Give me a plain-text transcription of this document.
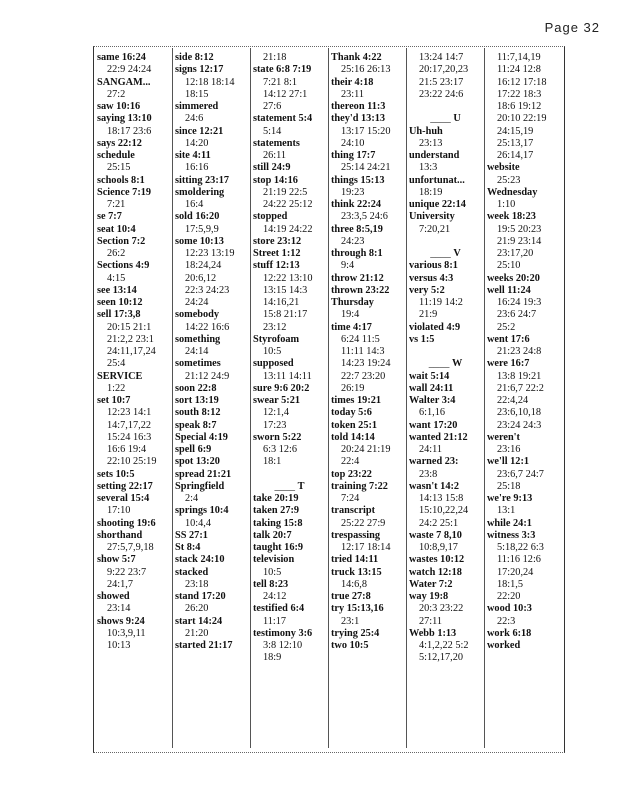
Page 32
same 16:24
22:9 24:24
SANGAM...
27:2
saw 10:16
saying 13:10
18:17 23:6
says 22:12
schedule
25:15
schools 8:1
Science 7:19
7:21
se 7:7
seat 10:4
Section 7:2
26:2
Sections 4:9
4:15
see 13:14
seen 10:12
sell 17:3,8
20:15 21:1
21:2,2 23:1
24:11,17,24
25:4
SERVICE
1:22
set 10:7
12:23 14:1
14:7,17,22
15:24 16:3
16:6 19:4
22:10 25:19
sets 10:5
setting 22:17
several 15:4
17:10
shooting 19:6
shorthand
27:5,7,9,18
show 5:7
9:22 23:7
24:1,7
showed
23:14
shows 9:24
10:3,9,11
10:13
side 8:12
signs 12:17
12:18 18:14
18:15
simmered
24:6
since 12:21
14:20
site 4:11
16:16
sitting 23:17
smoldering
16:4
sold 16:20
17:5,9,9
some 10:13
12:23 13:19
18:24,24
20:6,12
22:3 24:23
24:24
somebody
14:22 16:6
something
24:14
sometimes
21:12 24:9
soon 22:8
sort 13:19
south 8:12
speak 8:7
Special 4:19
spell 6:9
spot 13:20
spread 21:21
Springfield
2:4
springs 10:4
10:4,4
SS 27:1
St 8:4
stack 24:10
stacked
23:18
stand 17:20
26:20
start 14:24
21:20
started 21:17
21:18
state 6:8 7:19
7:21 8:1
14:12 27:1
27:6
statement 5:4
5:14
statements
26:11
still 24:9
stop 14:16
21:19 22:5
24:22 25:12
stopped
14:19 24:22
store 23:12
Street 1:12
stuff 12:13
12:22 13:10
13:15 14:3
14:16,21
15:8 21:17
23:12
Styrofoam
10:5
supposed
13:11 14:11
sure 9:6 20:2
swear 5:21
12:1,4
17:23
sworn 5:22
6:3 12:6
18:1
____ T
take 20:19
taken 27:9
taking 15:8
talk 20:7
taught 16:9
television
10:5
tell 8:23
24:12
testified 6:4
11:17
testimony 3:6
3:8 12:10
18:9
Thank 4:22
25:16 26:13
their 4:18
23:11
thereon 11:3
they'd 13:13
13:17 15:20
24:10
thing 17:7
25:14 24:21
things 15:13
19:23
think 22:24
23:3,5 24:6
three 8:5,19
24:23
through 8:1
9:4
throw 21:12
thrown 23:22
Thursday
19:4
time 4:17
6:24 11:5
11:11 14:3
14:23 19:24
22:7 23:20
26:19
times 19:21
today 5:6
token 25:1
told 14:14
20:24 21:19
22:4
top 23:22
training 7:22
7:24
transcript
25:22 27:9
trespassing
12:17 18:14
tried 14:11
truck 13:15
14:6,8
true 27:8
try 15:13,16
23:1
trying 25:4
two 10:5
13:24 14:7
20:17,20,23
21:5 23:17
23:22 24:6
____ U
Uh-huh
23:13
understand
13:3
unfortunat...
18:19
unique 22:14
University
7:20,21
____ V
various 8:1
versus 4:3
very 5:2
11:19 14:2
21:9
violated 4:9
vs 1:5
____ W
wait 5:14
wall 24:11
Walter 3:4
6:1,16
want 17:20
wanted 21:12
24:11
warned 23:
23:8
wasn't 14:2
14:13 15:8
15:10,22,24
24:2 25:1
waste 7 8,10
10:8,9,17
wastes 10:12
watch 12:18
Water 7:2
way 19:8
20:3 23:22
27:11
Webb 1:13
4:1,2,22 5:2
5:12,17,20
11:7,14,19
11:24 12:8
16:12 17:18
17:22 18:3
18:6 19:12
20:10 22:19
24:15,19
25:13,17
26:14,17
website
25:23
Wednesday
1:10
week 18:23
19:5 20:23
21:9 23:14
23:17,20
25:10
weeks 20:20
well 11:24
16:24 19:3
23:6 24:7
25:2
went 17:6
21:23 24:8
were 16:7
13:8 19:21
21:6,7 22:2
22:4,24
23:6,10,18
23:24 24:3
weren't
23:16
we'll 12:1
23:6,7 24:7
25:18
we're 9:13
13:1
while 24:1
witness 3:3
5:18,22 6:3
11:16 12:6
17:20,24
18:1,5
22:20
wood 10:3
22:3
work 6:18
worked
